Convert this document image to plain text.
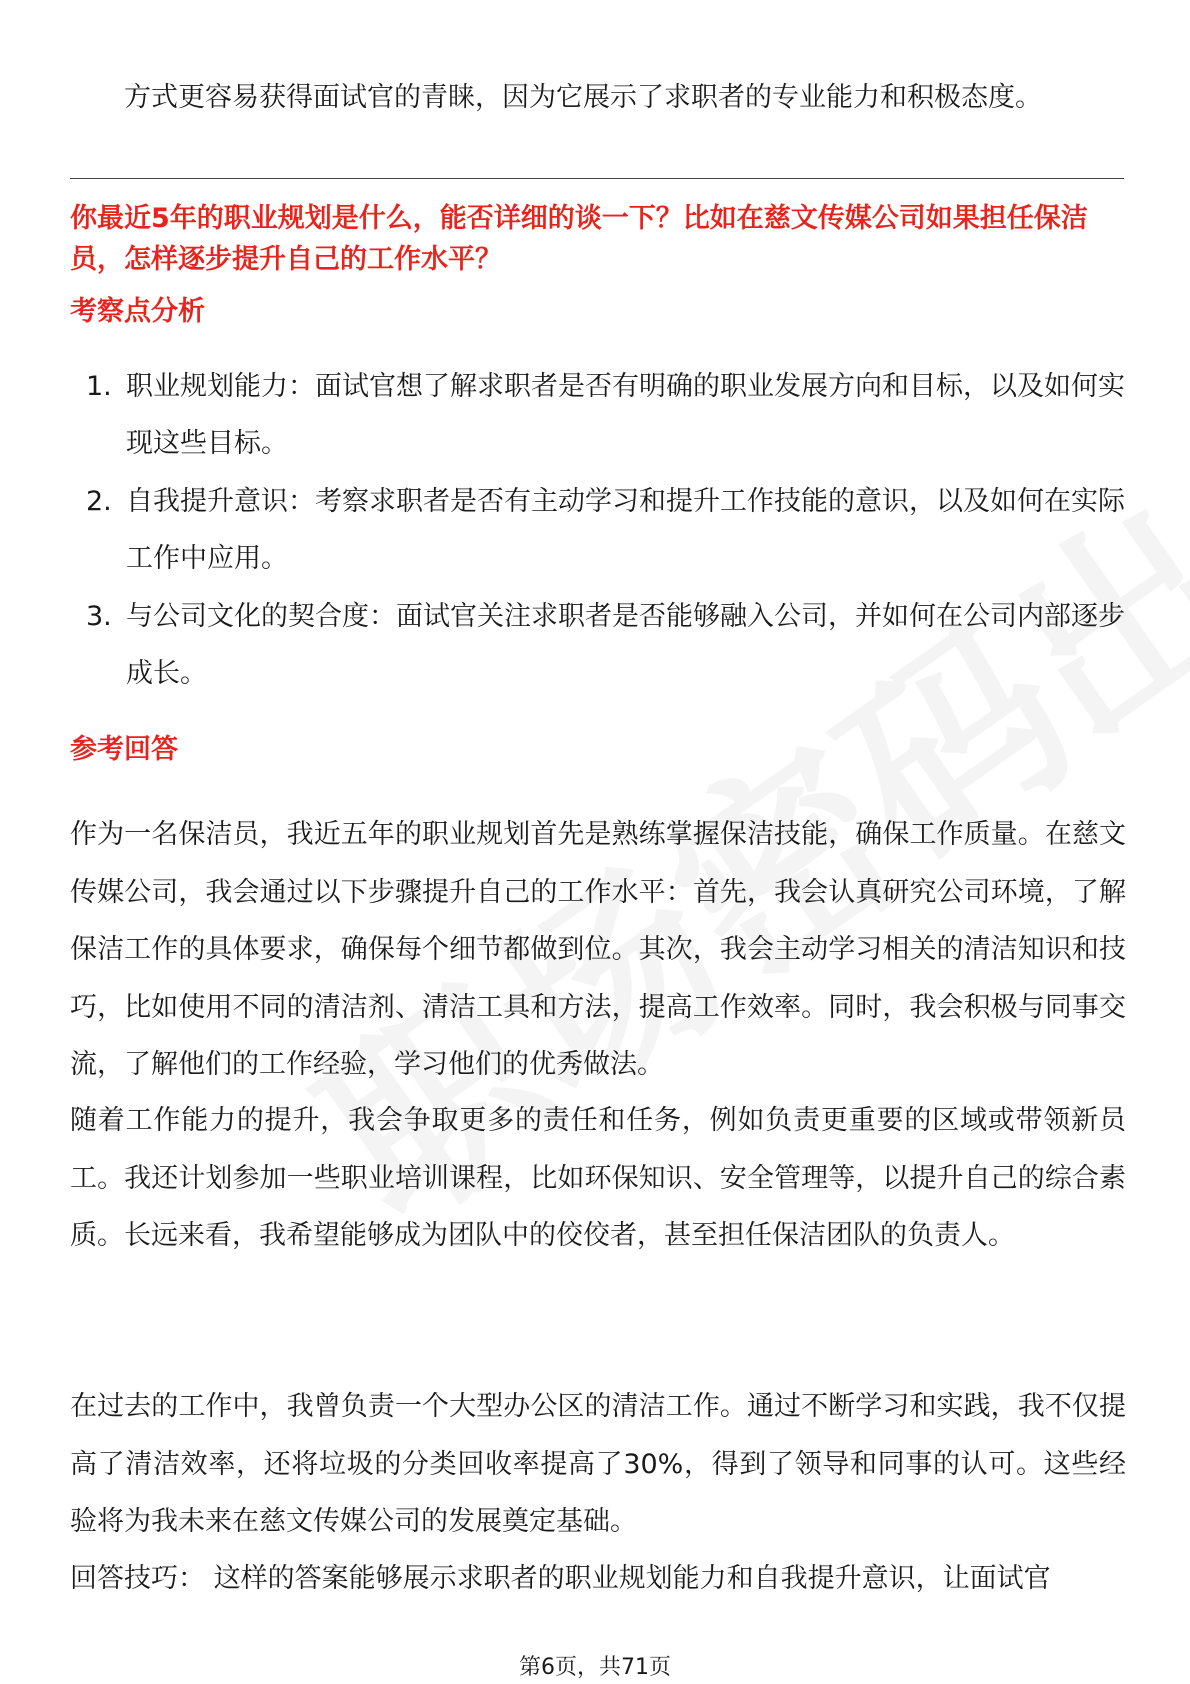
方式更容易获得面试官的青睐，因为它展示了求职者的专业能力和积极态度。

你最近5年的职业规划是什么，能否详细的谈一下？比如在慈文传媒公司如果担任保洁员，怎样逐步提升自己的工作水平？
考察点分析
1. 职业规划能力：面试官想了解求职者是否有明确的职业发展方向和目标，以及如何实现这些目标。
2. 自我提升意识：考察求职者是否有主动学习和提升工作技能的意识，以及如何在实际工作中应用。
3. 与公司文化的契合度：面试官关注求职者是否能够融入公司，并如何在公司内部逐步成长。
参考回答

作为一名保洁员，我近五年的职业规划首先是熟练掌握保洁技能，确保工作质量。在慈文传媒公司，我会通过以下步骤提升自己的工作水平：首先，我会认真研究公司环境，了解保洁工作的具体要求，确保每个细节都做到位。其次，我会主动学习相关的清洁知识和技巧，比如使用不同的清洁剂、清洁工具和方法，提高工作效率。同时，我会积极与同事交流，了解他们的工作经验，学习他们的优秀做法。

随着工作能力的提升，我会争取更多的责任和任务，例如负责更重要的区域或带领新员工。我还计划参加一些职业培训课程，比如环保知识、安全管理等，以提升自己的综合素质。长远来看，我希望能够成为团队中的佼佼者，甚至担任保洁团队的负责人。

在过去的工作中，我曾负责一个大型办公区的清洁工作。通过不断学习和实践，我不仅提高了清洁效率，还将垃圾的分类回收率提高了30%，得到了领导和同事的认可。这些经验将为我未来在慈文传媒公司的发展奠定基础。

回答技巧： 这样的答案能够展示求职者的职业规划能力和自我提升意识，让面试官

第6页，共71页
